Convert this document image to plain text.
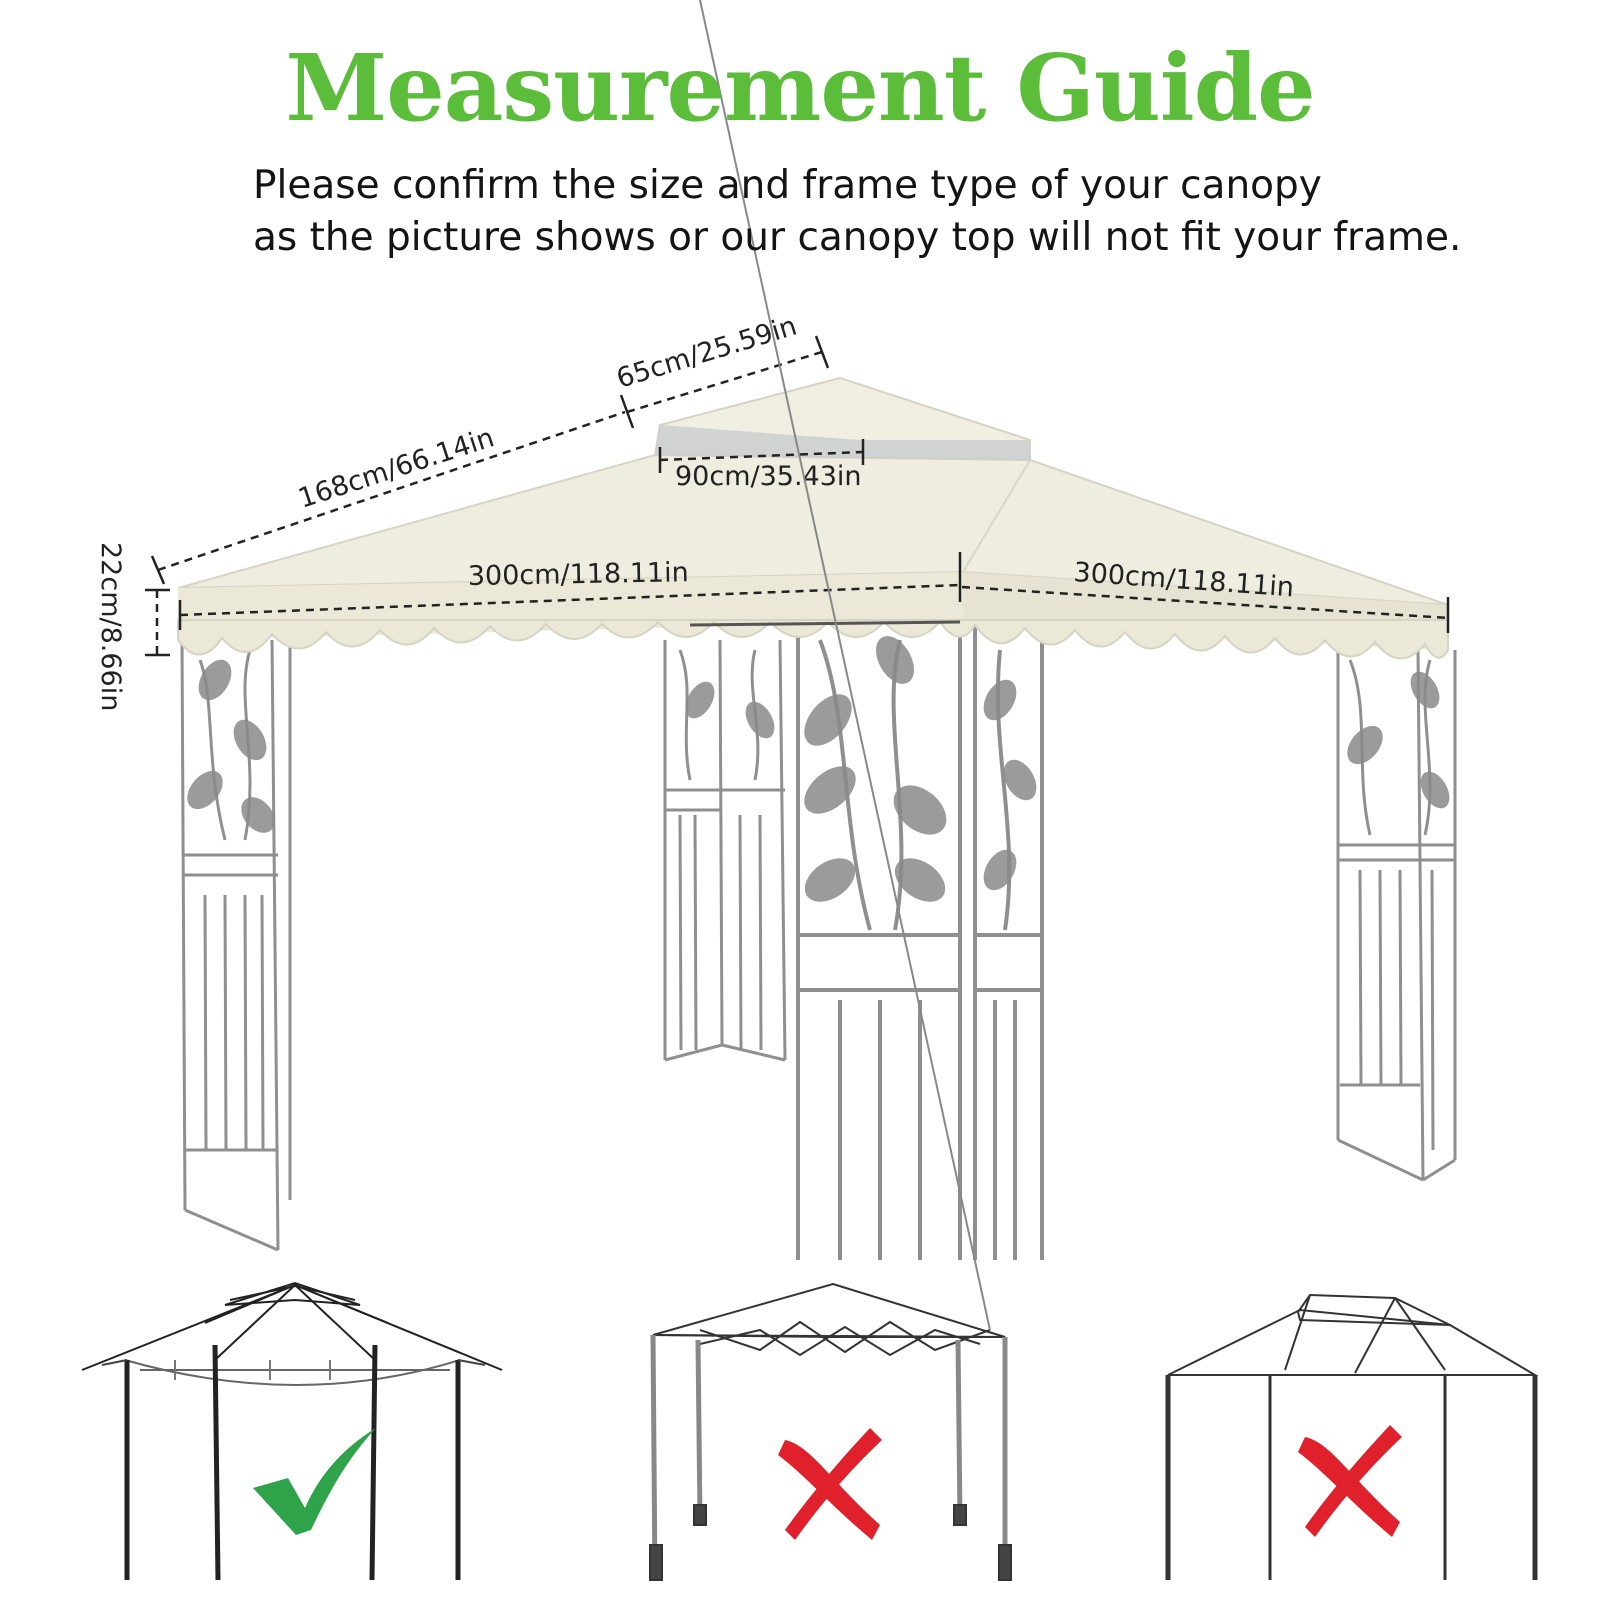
65cm/25.59in
168cm/66.14in	90cm/35.43in
22cm/8.66in	300cm/118.11in	300cm/118.11in
Measurement Guide
Please confirm the size and frame type of your canopy
as the picture shows or our canopy top will not fit your frame.
